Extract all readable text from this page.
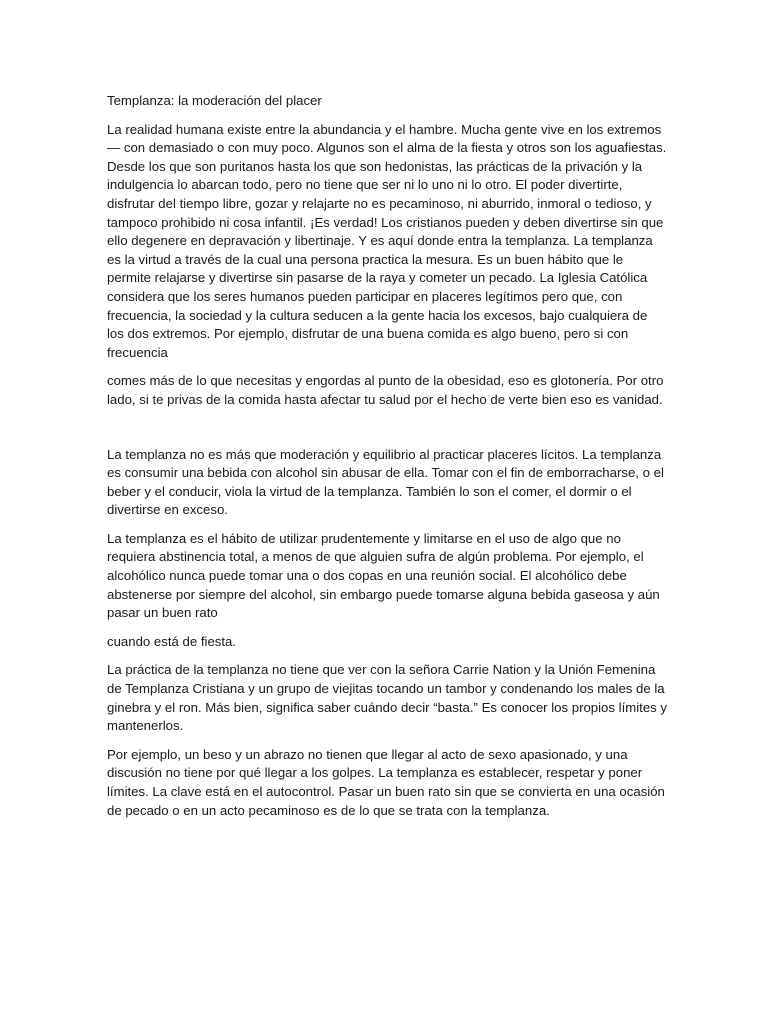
Templanza: la moderación del placer

La realidad humana existe entre la abundancia y el hambre. Mucha gente vive en los extremos — con demasiado o con muy poco. Algunos son el alma de la fiesta y otros son los aguafiestas. Desde los que son puritanos hasta los que son hedonistas, las prácticas de la privación y la indulgencia lo abarcan todo, pero no tiene que ser ni lo uno ni lo otro. El poder divertirte, disfrutar del tiempo libre, gozar y relajarte no es pecaminoso, ni aburrido, inmoral o tedioso, y tampoco prohibido ni cosa infantil. ¡Es verdad! Los cristianos pueden y deben divertirse sin que ello degenere en depravación y libertinaje. Y es aquí donde entra la templanza. La templanza es la virtud a través de la cual una persona practica la mesura. Es un buen hábito que le permite relajarse y divertirse sin pasarse de la raya y cometer un pecado. La Iglesia Católica considera que los seres humanos pueden participar en placeres legítimos pero que, con frecuencia, la sociedad y la cultura seducen a la gente hacia los excesos, bajo cualquiera de los dos extremos. Por ejemplo, disfrutar de una buena comida es algo bueno, pero si con frecuencia

comes más de lo que necesitas y engordas al punto de la obesidad, eso es glotonería. Por otro lado, si te privas de la comida hasta afectar tu salud por el hecho de verte bien eso es vanidad.

La templanza no es más que moderación y equilibrio al practicar placeres lícitos. La templanza es consumir una bebida con alcohol sin abusar de ella. Tomar con el fin de emborracharse, o el beber y el conducir, viola la virtud de la templanza. También lo son el comer, el dormir o el divertirse en exceso.

La templanza es el hábito de utilizar prudentemente y limitarse en el uso de algo que no requiera abstinencia total, a menos de que alguien sufra de algún problema. Por ejemplo, el alcohólico nunca puede tomar una o dos copas en una reunión social. El alcohólico debe abstenerse por siempre del alcohol, sin embargo puede tomarse alguna bebida gaseosa y aún pasar un buen rato

cuando está de fiesta.

La práctica de la templanza no tiene que ver con la señora Carrie Nation y la Unión Femenina de Templanza Cristiana y un grupo de viejitas tocando un tambor y condenando los males de la ginebra y el ron. Más bien, significa saber cuándo decir “basta.” Es conocer los propios límites y mantenerlos.

Por ejemplo, un beso y un abrazo no tienen que llegar al acto de sexo apasionado, y una discusión no tiene por qué llegar a los golpes. La templanza es establecer, respetar y poner límites. La clave está en el autocontrol. Pasar un buen rato sin que se convierta en una ocasión de pecado o en un acto pecaminoso es de lo que se trata con la templanza.
